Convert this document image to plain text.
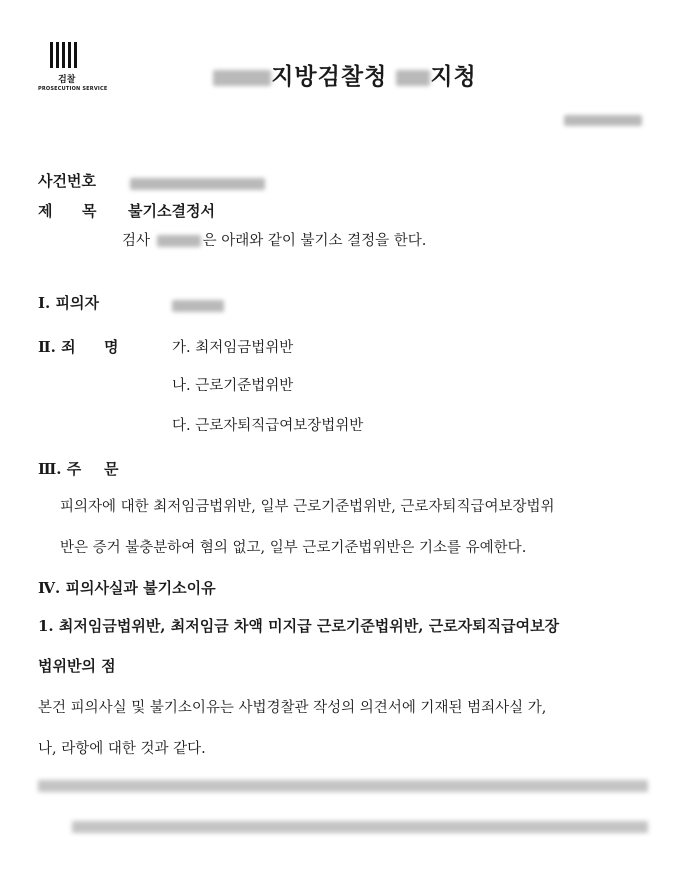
검찰
PROSECUTION SERVICE	지방검찰청 지청
사건번호
제 목 불기소결정서
검사	은 아래와 같이 불기소 결정을 한다.
Ⅰ. 피의자
Ⅱ. 죄 명	가. 최저임금법위반
나. 근로기준법위반
다. 근로자퇴직급여보장법위반
Ⅲ. 주 문
피의자에 대한 최저임금법위반, 일부 근로기준법위반, 근로자퇴직급여보장법위
반은 증거 불충분하여 혐의 없고, 일부 근로기준법위반은 기소를 유예한다.
Ⅳ. 피의사실과 불기소이유
1. 최저임금법위반, 최저임금 차액 미지급 근로기준법위반, 근로자퇴직급여보장
법위반의 점
본건 피의사실 및 불기소이유는 사법경찰관 작성의 의견서에 기재된 범죄사실 가,
나, 라항에 대한 것과 같다.
